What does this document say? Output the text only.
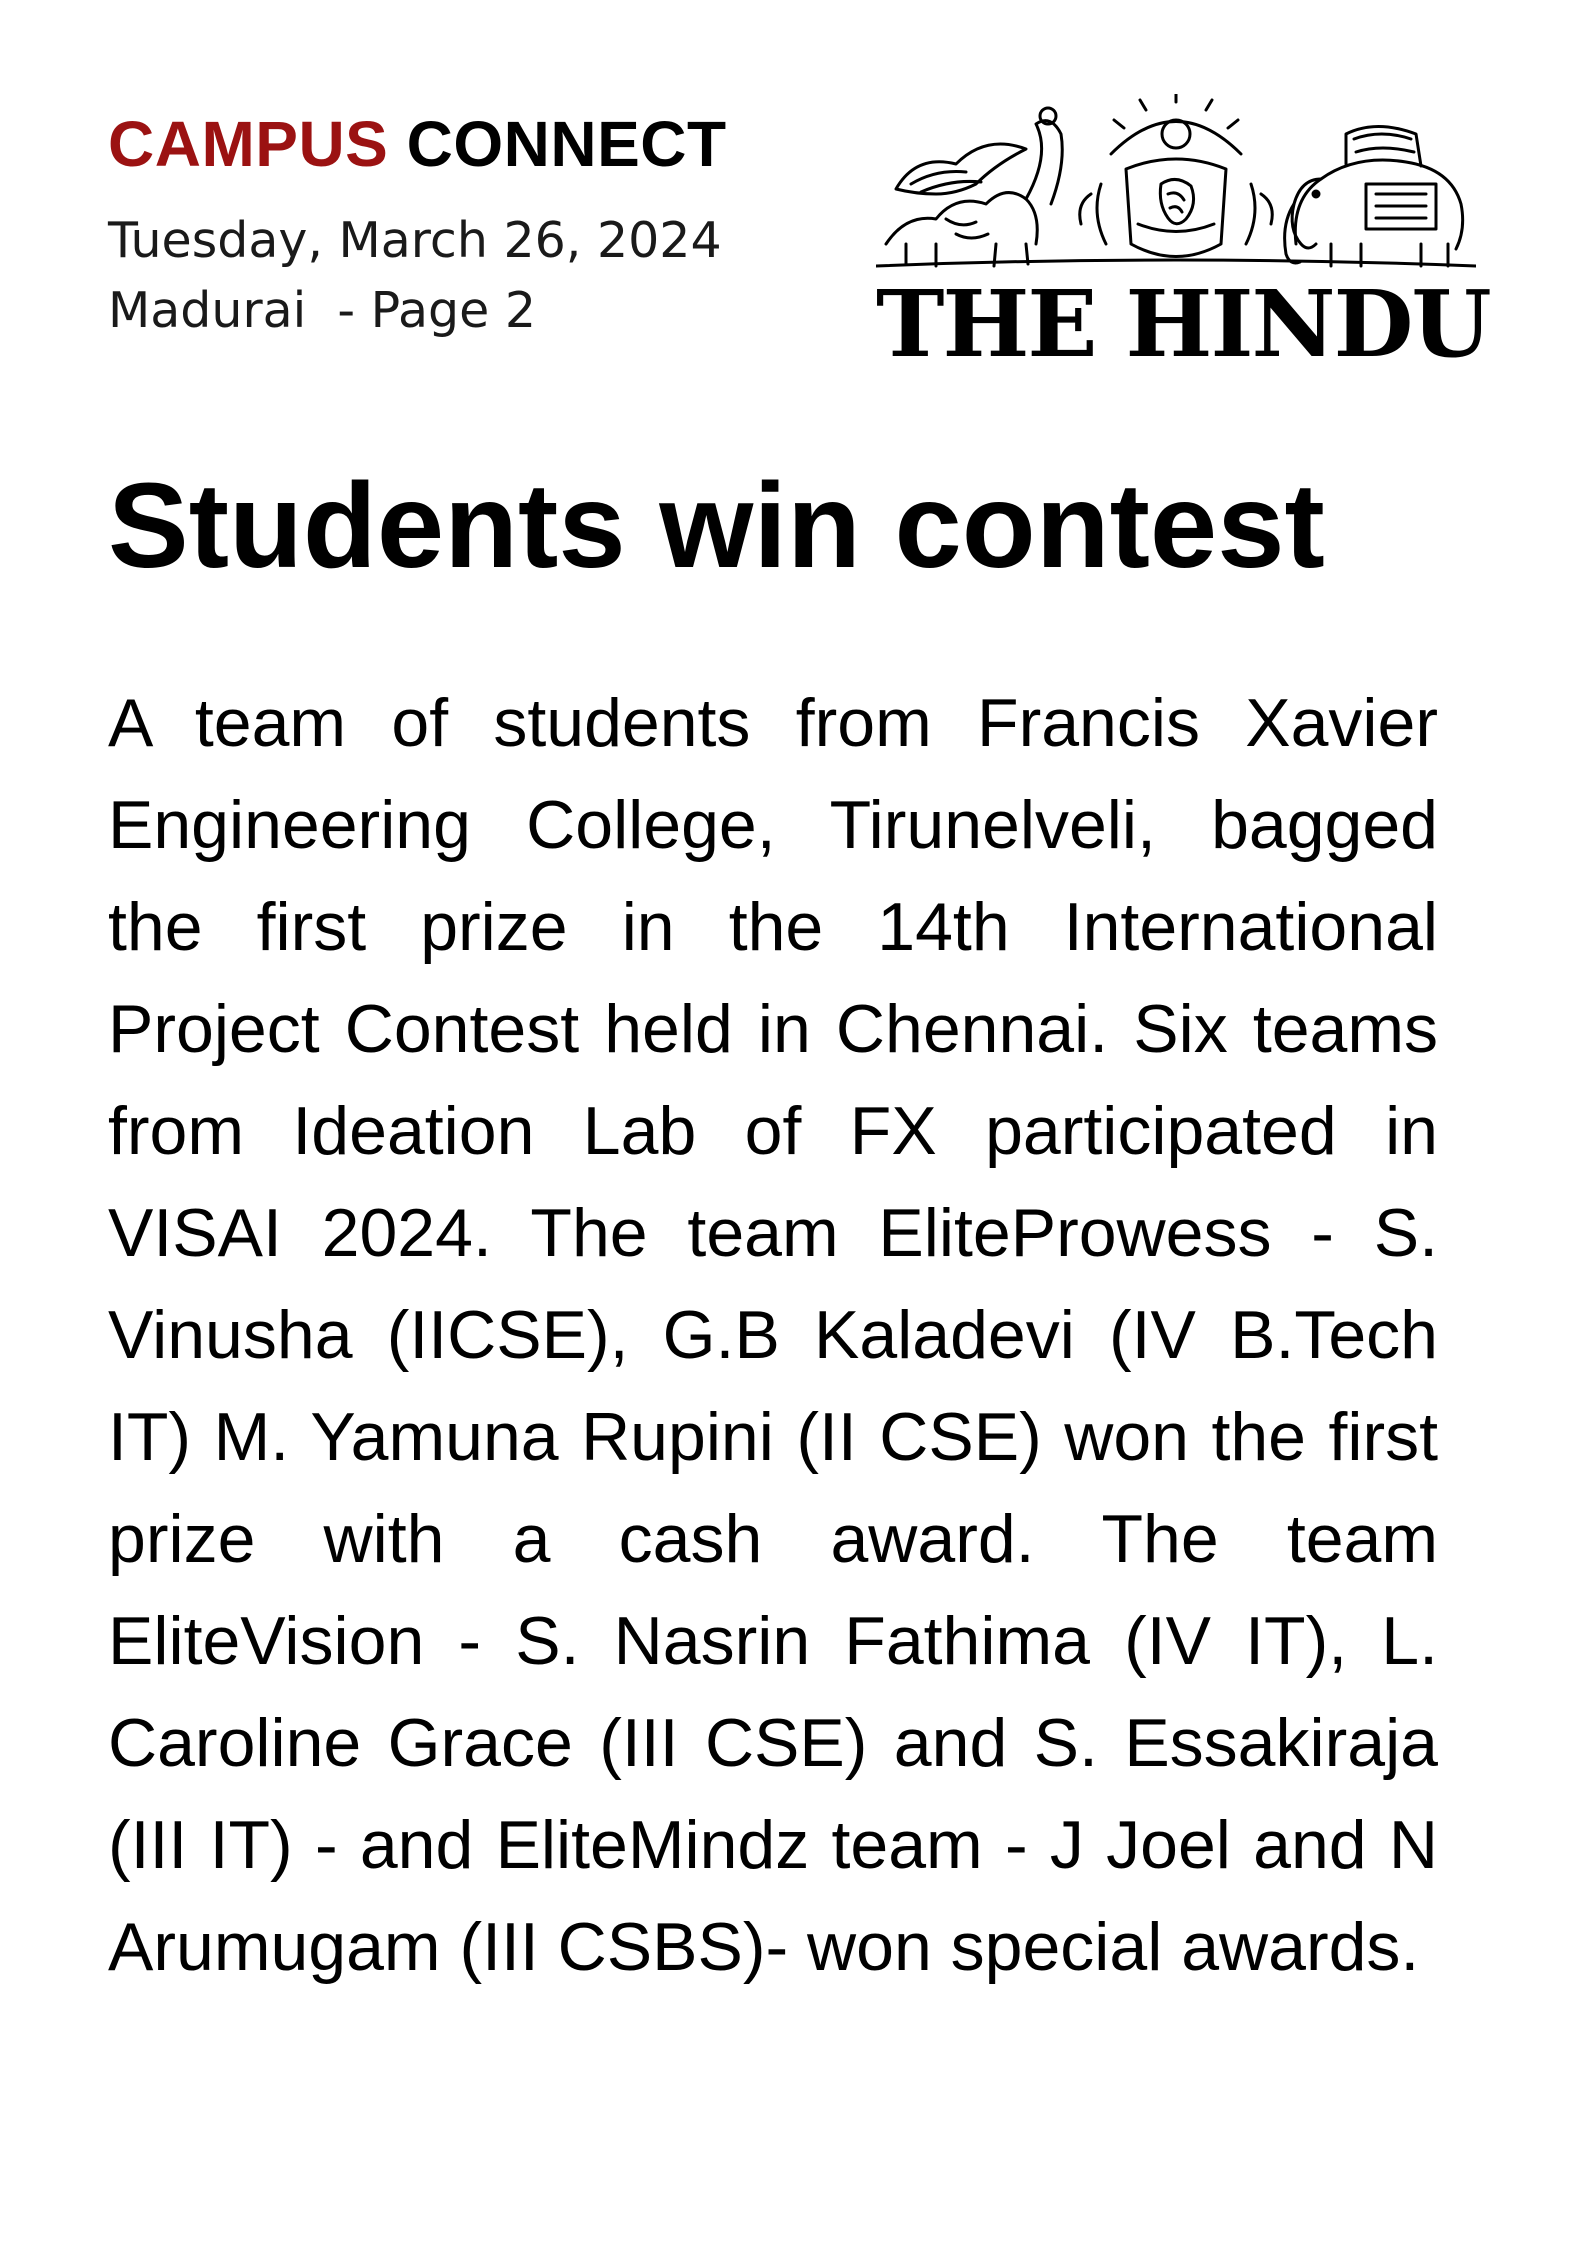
CAMPUS CONNECT
Tuesday, March 26, 2024
Madurai  - Page 2	THE HINDU
Students win contest

A team of students from Francis Xavier Engineering College, Tirunelveli, bagged the first prize in the 14th International Project Contest held in Chennai. Six teams from Ideation Lab of FX participated in VISAI 2024. The team EliteProwess - S. Vinusha (IICSE), G.B Kaladevi (IV B.Tech IT) M. Yamuna Rupini (II CSE) won the first prize with a cash award. The team EliteVision - S. Nasrin Fathima (IV IT), L. Caroline Grace (III CSE) and S. Essakiraja (III IT) - and EliteMindz team - J Joel and N Arumugam (III CSBS)- won special awards.
